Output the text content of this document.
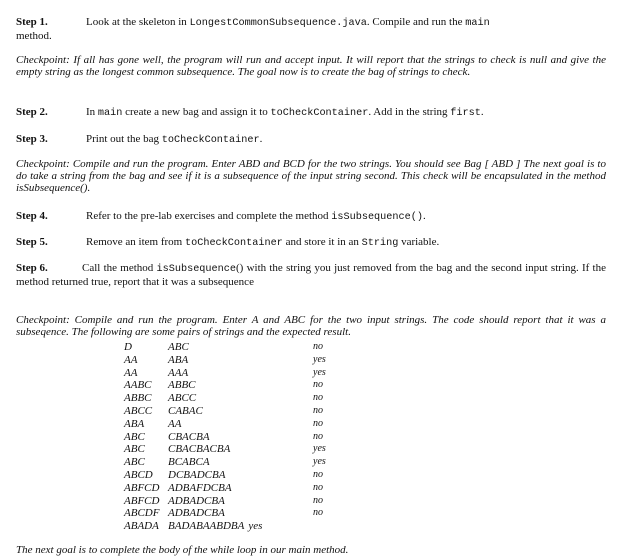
Step 1.	Look at the skeleton in LongestCommonSubsequence.java. Compile and run the main
method.
Checkpoint: If all has gone well, the program will run and accept input. It will report that the strings to check is null and give the empty string as the longest common subsequence. The goal now is to create the bag of strings to check.
Step 2.	In main create a new bag and assign it to toCheckContainer. Add in the string first.
Step 3.	Print out the bag toCheckContainer.
Checkpoint: Compile and run the program. Enter ABD and BCD for the two strings. You should see Bag [ ABD ] The next goal is to do take a string from the bag and see if it is a subsequence of the input string second. This check will be encapsulated in the method isSubsequence().
Step 4.	Refer to the pre-lab exercises and complete the method isSubsequence().
Step 5.	Remove an item from toCheckContainer and store it in an String variable.
Step 6.	Call the method isSubsequence() with the string you just removed from the bag and the second input string. If the method returned true, report that it was a subsequence
Checkpoint: Compile and run the program. Enter A and ABC for the two input strings. The code should report that it was a subseqence. The following are some pairs of strings and the expected result.
D	ABC	no
AA	ABA	yes
AA	AAA	yes
AABC ABBC	no
ABBC ABCC	no
ABCC CABAC	no
ABA AA	no
ABC CBACBA	no
ABC CBACBACBA	yes
ABC BCABCA	yes
ABCD DCBADCBA	no
ABFCD ADBAFDCBA	no
ABFCD ADBADCBA	no
ABCDF ADBADCBA	no
ABADA BADABAABDBA yes
The next goal is to complete the body of the while loop in our main method.
